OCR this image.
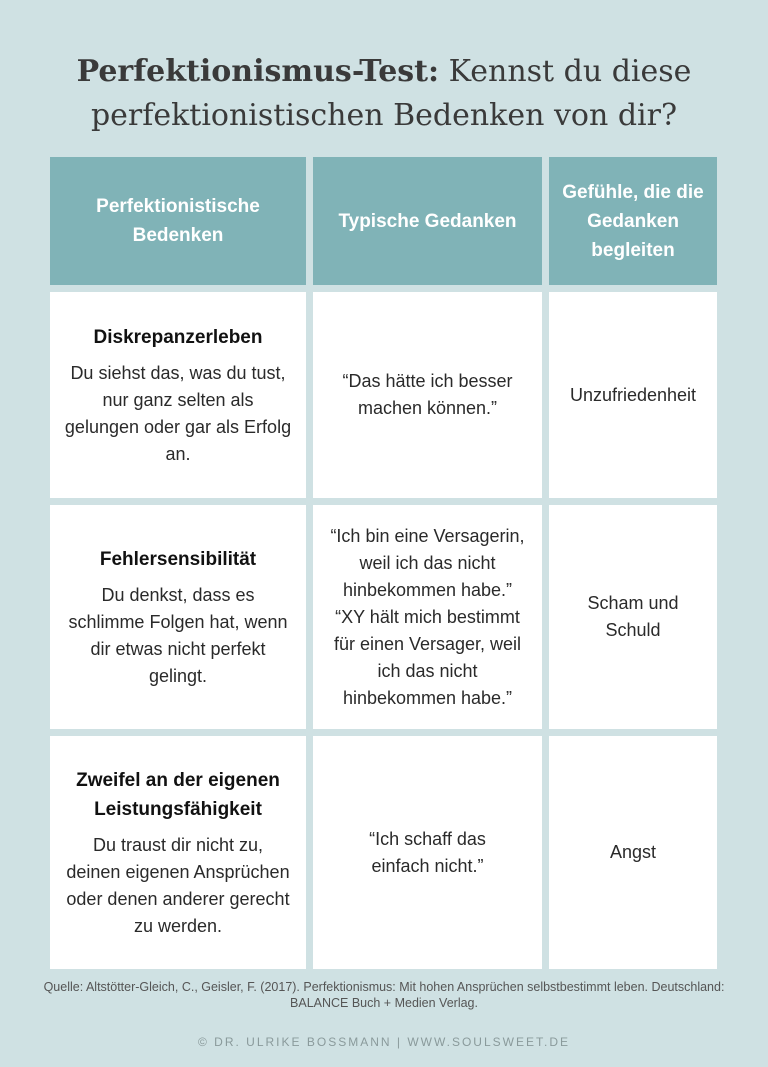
Perfektionismus-Test: Kennst du diese perfektionistischen Bedenken von dir?
Perfektionistische Bedenken
Typische Gedanken
Gefühle, die die Gedanken begleiten
Diskrepanzerleben
Du siehst das, was du tust, nur ganz selten als gelungen oder gar als Erfolg an.
“Das hätte ich besser machen können.”
Unzufriedenheit
Fehlersensibilität
Du denkst, dass es schlimme Folgen hat, wenn dir etwas nicht perfekt gelingt.
“Ich bin eine Versagerin, weil ich das nicht hinbekommen habe.”
“XY hält mich bestimmt für einen Versager, weil ich das nicht hinbekommen habe.”
Scham und Schuld
Zweifel an der eigenen Leistungsfähigkeit
Du traust dir nicht zu, deinen eigenen Ansprüchen oder denen anderer gerecht zu werden.
“Ich schaff das einfach nicht.”
Angst
Quelle: Altstötter-Gleich, C., Geisler, F. (2017). Perfektionismus: Mit hohen Ansprüchen selbstbestimmt leben. Deutschland: BALANCE Buch + Medien Verlag.
© DR. ULRIKE BOSSMANN | WWW.SOULSWEET.DE
